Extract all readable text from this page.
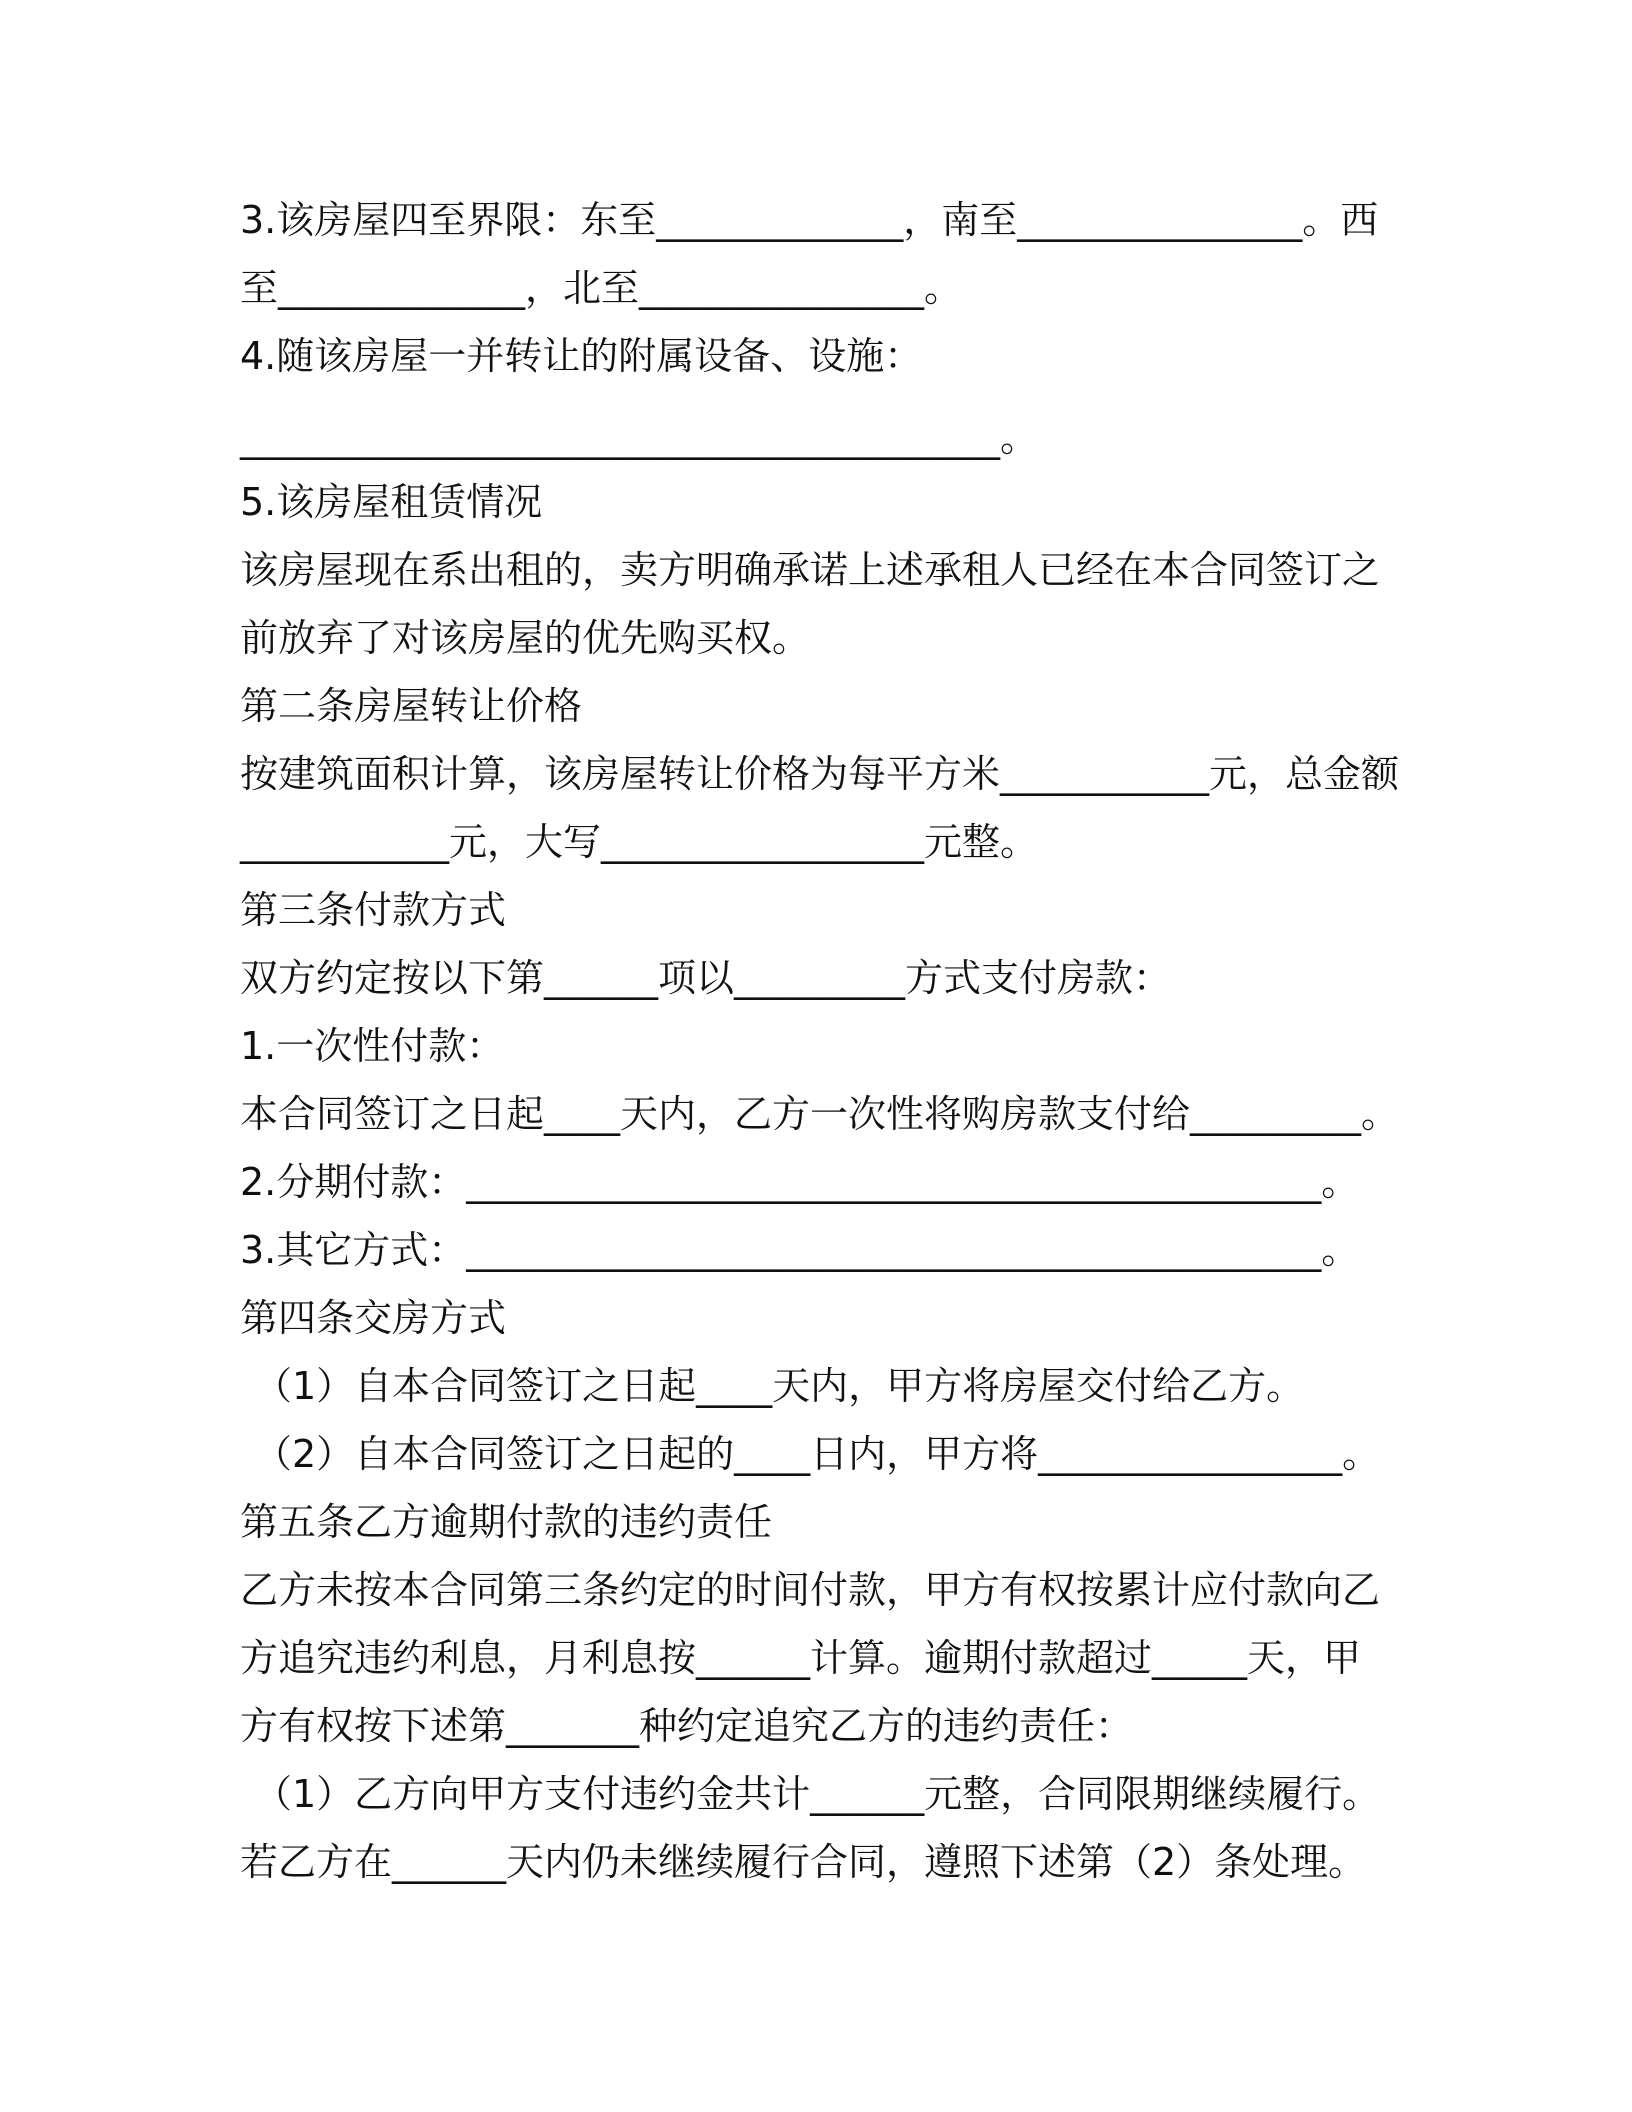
3.该房屋四至界限：东至_____________，南至_______________。西
至_____________，北至_______________。
4.随该房屋一并转让的附属设备、设施：
________________________________________。
5.该房屋租赁情况
该房屋现在系出租的，卖方明确承诺上述承租人已经在本合同签订之
前放弃了对该房屋的优先购买权。
第二条房屋转让价格
按建筑面积计算，该房屋转让价格为每平方米___________元，总金额
___________元，大写_________________元整。
第三条付款方式
双方约定按以下第______项以_________方式支付房款：
1.一次性付款：
本合同签订之日起____天内，乙方一次性将购房款支付给_________。
2.分期付款：_____________________________________________。
3.其它方式：_____________________________________________。
第四条交房方式
（1）自本合同签订之日起____天内，甲方将房屋交付给乙方。
（2）自本合同签订之日起的____日内，甲方将________________。
第五条乙方逾期付款的违约责任
乙方未按本合同第三条约定的时间付款，甲方有权按累计应付款向乙
方追究违约利息，月利息按______计算。逾期付款超过_____天，甲
方有权按下述第_______种约定追究乙方的违约责任：
（1）乙方向甲方支付违约金共计______元整，合同限期继续履行。
若乙方在______天内仍未继续履行合同，遵照下述第（2）条处理。
